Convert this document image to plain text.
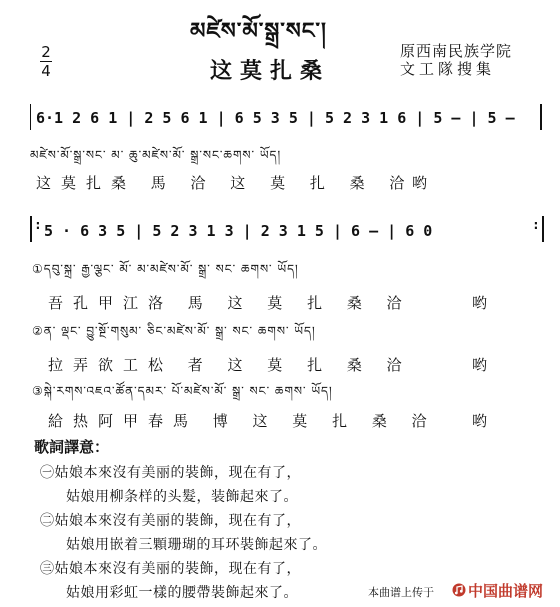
མཛེས་མོ་སྒྲ་སང་།
2
4	这莫扎桑
原西南民族学院
文工隊搜集
6·1 2 6 1 | 2 5 6 1 | 6 5 3 5 | 5 2 3 1 6 | 5 — | 5 —
མཛེས་མོ་སྒྲ་སང་ མ་ ཆུ་མཛེས་མོ་ སྒྲ་སང་ཆགས་ ཡོད།
这莫扎桑 馬 洽 这 莫 扎 桑 洽
哟
: 5 · 6 3 5 | 5 2 3 1 3 | 2 3 1 5 | 6 — | 6 0	:
①དབུ་སྐྲ་ རྒྱ་ལྕང་ མོ་ མ་མཛེས་མོ་ སྒྲ་ སང་ ཆགས་ ཡོད།
吾孔甲江洛 馬 这 莫 扎 桑 洽	哟
②ན་ ལྡང་ བྱུ་སྔོ་གསུམ་ ཅིང་མཛེས་མོ་ སྒྲ་ སང་ ཆགས་ ཡོད།
拉弄欲工松 者 这 莫 扎 桑 洽	哟
③སྐེ་རགས་འཇའ་ཚོན་དམར་ པོ་མཛེས་མོ་ སྒྲ་ སང་ ཆགས་ ཡོད།
給热阿甲春馬 博 这 莫 扎 桑 洽 哟
歌詞譯意：
㊀姑娘本來沒有美丽的裝飾，现在有了，
姑娘用柳条样的头髮，装飾起來了。
㊁姑娘本來沒有美丽的裝飾，现在有了，
姑娘用嵌着三顆珊瑚的耳环裝飾起來了。
㊂姑娘本來沒有美丽的裝飾，现在有了，
姑娘用彩虹一樣的腰帶裝飾起來了。	本曲谱上传于 中国曲谱网
